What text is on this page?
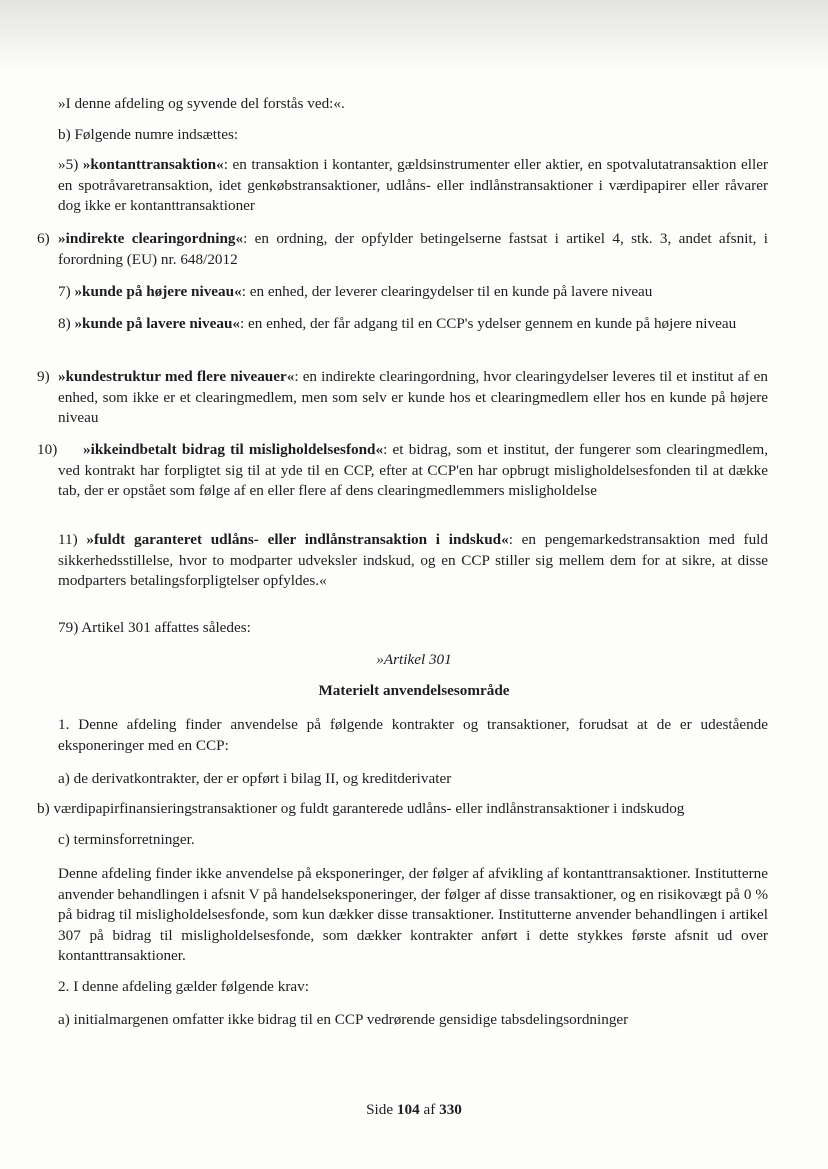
»I denne afdeling og syvende del forstås ved:«.

b) Følgende numre indsættes:

»5) »kontanttransaktion«: en transaktion i kontanter, gældsinstrumenter eller aktier, en spotvalutatransaktion eller en spotråvaretransaktion, idet genkøbstransaktioner, udlåns- eller indlånstransaktioner i værdipapirer eller råvarer dog ikke er kontanttransaktioner

6) »indirekte clearingordning«: en ordning, der opfylder betingelserne fastsat i artikel 4, stk. 3, andet afsnit, i forordning (EU) nr. 648/2012

7) »kunde på højere niveau«: en enhed, der leverer clearingydelser til en kunde på lavere niveau

8) »kunde på lavere niveau«: en enhed, der får adgang til en CCP's ydelser gennem en kunde på højere niveau

9) »kundestruktur med flere niveauer«: en indirekte clearingordning, hvor clearingydelser leveres til et institut af en enhed, som ikke er et clearingmedlem, men som selv er kunde hos et clearingmedlem eller hos en kunde på højere niveau

10)	»ikkeindbetalt bidrag til misligholdelsesfond«: et bidrag, som et institut, der fungerer som clearingmedlem, ved kontrakt har forpligtet sig til at yde til en CCP, efter at CCP'en har opbrugt misligholdelsesfonden til at dække tab, der er opstået som følge af en eller flere af dens clearingmedlemmers misligholdelse

11) »fuldt garanteret udlåns- eller indlånstransaktion i indskud«: en pengemarkedstransaktion med fuld sikkerhedsstillelse, hvor to modparter udveksler indskud, og en CCP stiller sig mellem dem for at sikre, at disse modparters betalingsforpligtelser opfyldes.«

79) Artikel 301 affattes således:

»Artikel 301
Materielt anvendelsesområde

1. Denne afdeling finder anvendelse på følgende kontrakter og transaktioner, forudsat at de er udestående eksponeringer med en CCP:

a) de derivatkontrakter, der er opført i bilag II, og kreditderivater

b) værdipapirfinansieringstransaktioner og fuldt garanterede udlåns- eller indlånstransaktioner i indskudog

c) terminsforretninger.

Denne afdeling finder ikke anvendelse på eksponeringer, der følger af afvikling af kontanttransaktioner. Institutterne anvender behandlingen i afsnit V på handelseksponeringer, der følger af disse transaktioner, og en risikovægt på 0 % på bidrag til misligholdelsesfonde, som kun dækker disse transaktioner. Institutterne anvender behandlingen i artikel 307 på bidrag til misligholdelsesfonde, som dækker kontrakter anført i dette stykkes første afsnit ud over kontanttransaktioner.

2. I denne afdeling gælder følgende krav:

a) initialmargenen omfatter ikke bidrag til en CCP vedrørende gensidige tabsdelingsordninger

Side 104 af 330
